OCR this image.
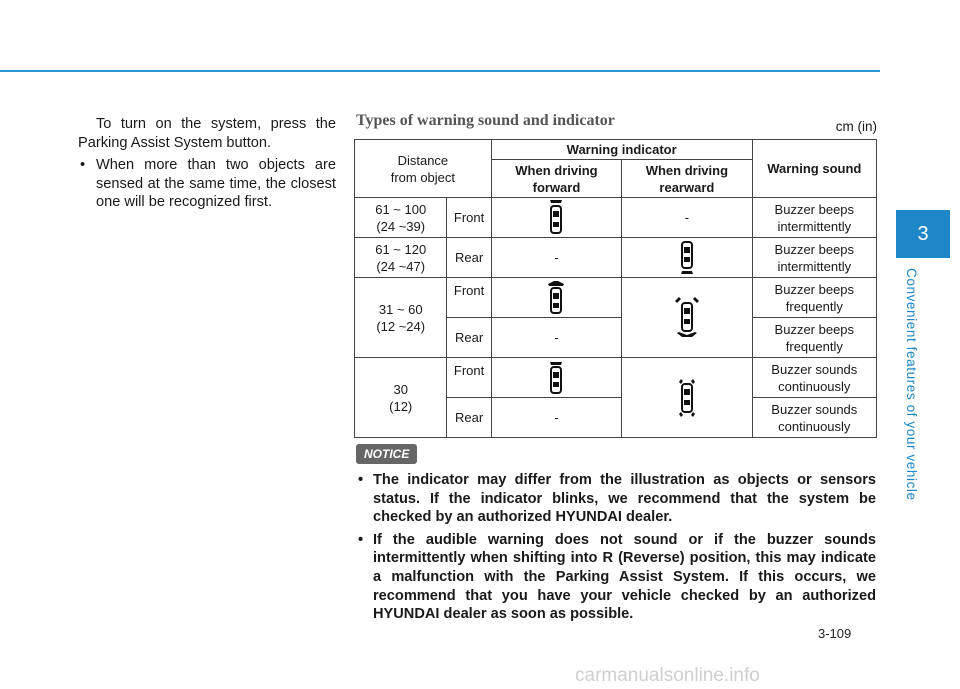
To turn on the system, press the Parking Assist System button.

• When more than two objects are sensed at the same time, the closest one will be recognized first.

Types of warning sound and indicator	cm (in)
Distance from object		Warning indicator		Warning sound

		When driving forward	When driving rearward	

61 ~ 100
(24 ~39)	Front		-	Buzzer beeps intermittently
61 ~ 120
(24 ~47)	Rear	-		Buzzer beeps intermittently
31 ~ 60
(12 ~24)	Front			Buzzer beeps frequently
	Rear	-		Buzzer beeps frequently
30
(12)	Front			Buzzer sounds continuously
	Rear	-		Buzzer sounds continuously
NOTICE
• The indicator may differ from the illustration as objects or sensors status. If the indicator blinks, we recommend that the system be checked by an authorized HYUNDAI dealer.
• If the audible warning does not sound or if the buzzer sounds intermittently when shifting into R (Reverse) position, this may indicate a malfunction with the Parking Assist System. If this occurs, we recommend that you have your vehicle checked by an authorized HYUNDAI dealer as soon as possible.
3
Convenient features of your vehicle
3-109
carmanualsonline.info
